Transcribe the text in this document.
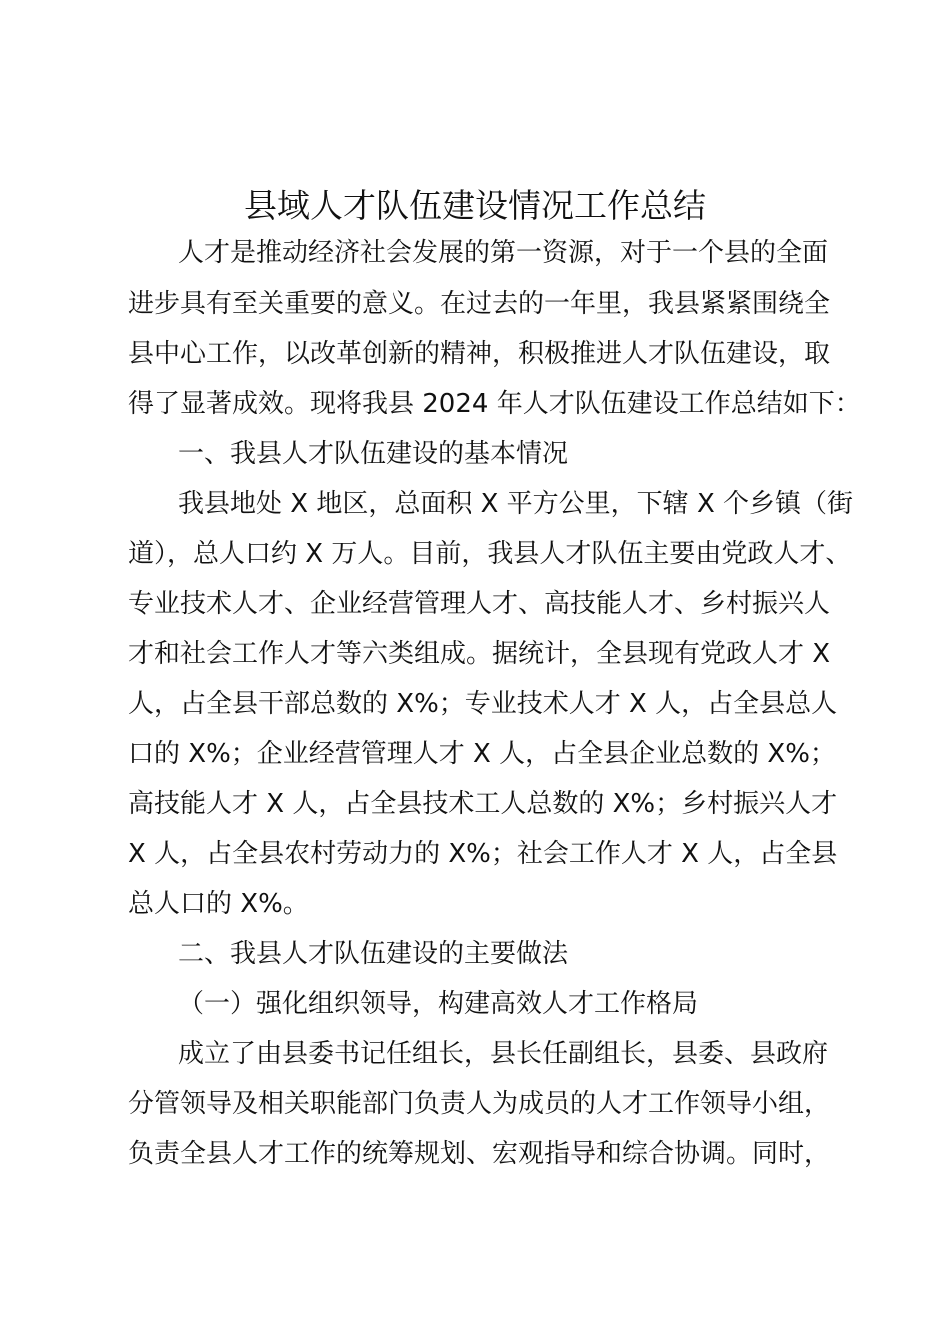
县域人才队伍建设情况工作总结
人才是推动经济社会发展的第一资源，对于一个县的全面
进步具有至关重要的意义。在过去的一年里，我县紧紧围绕全
县中心工作，以改革创新的精神，积极推进人才队伍建设，取
得了显著成效。现将我县 2024 年人才队伍建设工作总结如下：
一、我县人才队伍建设的基本情况
我县地处 X 地区，总面积 X 平方公里，下辖 X 个乡镇（街
道），总人口约 X 万人。目前，我县人才队伍主要由党政人才、
专业技术人才、企业经营管理人才、高技能人才、乡村振兴人
才和社会工作人才等六类组成。据统计，全县现有党政人才 X
人，占全县干部总数的 X%；专业技术人才 X 人，占全县总人
口的 X%；企业经营管理人才 X 人，占全县企业总数的 X%；
高技能人才 X 人，占全县技术工人总数的 X%；乡村振兴人才
X 人，占全县农村劳动力的 X%；社会工作人才 X 人，占全县
总人口的 X%。
二、我县人才队伍建设的主要做法
（一）强化组织领导，构建高效人才工作格局
成立了由县委书记任组长，县长任副组长，县委、县政府
分管领导及相关职能部门负责人为成员的人才工作领导小组，
负责全县人才工作的统筹规划、宏观指导和综合协调。同时，
